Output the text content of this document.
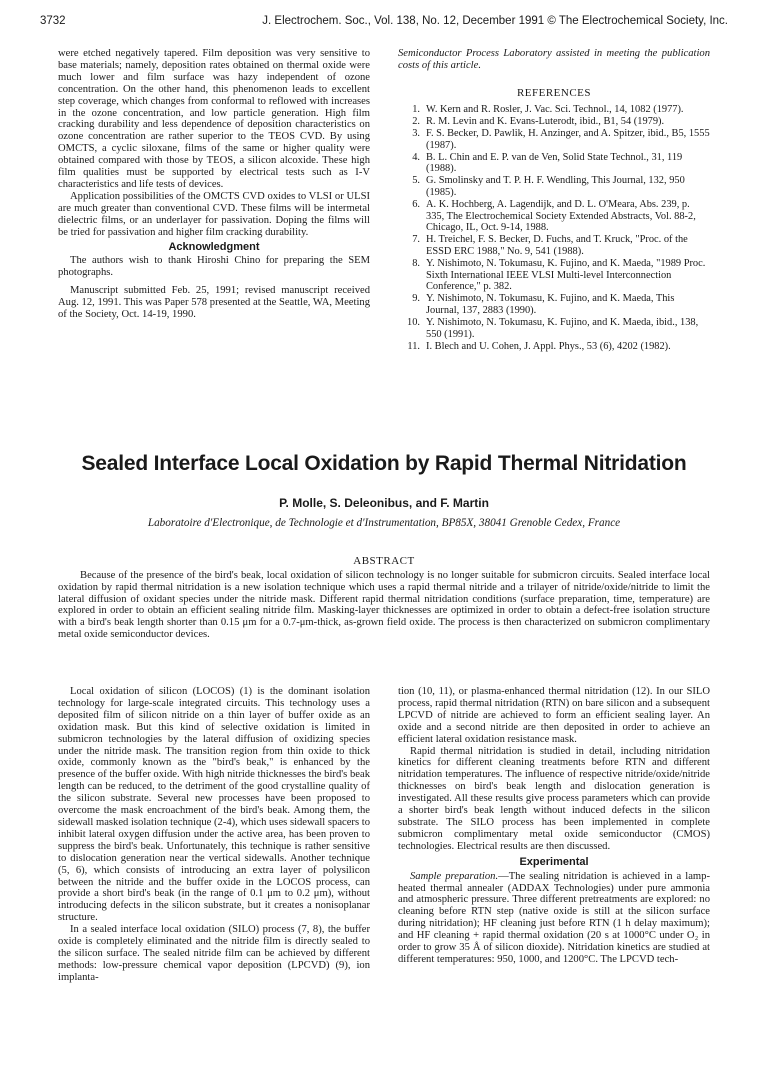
3732	J. Electrochem. Soc., Vol. 138, No. 12, December 1991 © The Electrochemical Society, Inc.

were etched negatively tapered. Film deposition was very sensitive to base materials; namely, deposition rates obtained on thermal oxide were much lower and film surface was hazy independent of ozone concentration. On the other hand, this phenomenon leads to excellent step coverage, which changes from conformal to reflowed with increases in the ozone concentration, and low particle generation. High film cracking durability and less dependence of deposition characteristics on ozone concentration are rather superior to the TEOS CVD. By using OMCTS, a cyclic siloxane, films of the same or higher quality were obtained compared with those by TEOS, a silicon alcoxide. These high film qualities must be supported by electrical tests such as I-V characteristics and life tests of devices.

Application possibilities of the OMCTS CVD oxides to VLSI or ULSI are much greater than conventional CVD. These films will be intermetal dielectric films, or an underlayer for passivation. Doping the films will be tried for passivation and higher film cracking durability.

Acknowledgment

The authors wish to thank Hiroshi Chino for preparing the SEM photographs.

Manuscript submitted Feb. 25, 1991; revised manuscript received Aug. 12, 1991. This was Paper 578 presented at the Seattle, WA, Meeting of the Society, Oct. 14-19, 1990.

Semiconductor Process Laboratory assisted in meeting the publication costs of this article.

REFERENCES
1. W. Kern and R. Rosler, J. Vac. Sci. Technol., 14, 1082 (1977).
2. R. M. Levin and K. Evans-Luterodt, ibid., B1, 54 (1979).
3. F. S. Becker, D. Pawlik, H. Anzinger, and A. Spitzer, ibid., B5, 1555 (1987).
4. B. L. Chin and E. P. van de Ven, Solid State Technol., 31, 119 (1988).
5. G. Smolinsky and T. P. H. F. Wendling, This Journal, 132, 950 (1985).
6. A. K. Hochberg, A. Lagendijk, and D. L. O'Meara, Abs. 239, p. 335, The Electrochemical Society Extended Abstracts, Vol. 88-2, Chicago, IL, Oct. 9-14, 1988.
7. H. Treichel, F. S. Becker, D. Fuchs, and T. Kruck, "Proc. of the ESSD ERC 1988," No. 9, 541 (1988).
8. Y. Nishimoto, N. Tokumasu, K. Fujino, and K. Maeda, "1989 Proc. Sixth International IEEE VLSI Multi-level Interconnection Conference," p. 382.
9. Y. Nishimoto, N. Tokumasu, K. Fujino, and K. Maeda, This Journal, 137, 2883 (1990).
10. Y. Nishimoto, N. Tokumasu, K. Fujino, and K. Maeda, ibid., 138, 550 (1991).
11. I. Blech and U. Cohen, J. Appl. Phys., 53 (6), 4202 (1982).
Sealed Interface Local Oxidation by Rapid Thermal Nitridation
P. Molle, S. Deleonibus, and F. Martin
Laboratoire d'Electronique, de Technologie et d'Instrumentation, BP85X, 38041 Grenoble Cedex, France
ABSTRACT
Because of the presence of the bird's beak, local oxidation of silicon technology is no longer suitable for submicron circuits. Sealed interface local oxidation by rapid thermal nitridation is a new isolation technique which uses a rapid thermal nitride and a trilayer of nitride/oxide/nitride to limit the lateral diffusion of oxidant species under the nitride mask. Different rapid thermal nitridation conditions (surface preparation, time, temperature) are explored in order to obtain an efficient sealing nitride film. Masking-layer thicknesses are optimized in order to obtain a defect-free isolation structure with a bird's beak length shorter than 0.15 μm for a 0.7-μm-thick, as-grown field oxide. The process is then characterized on submicron complimentary metal oxide semiconductor devices.

Local oxidation of silicon (LOCOS) (1) is the dominant isolation technology for large-scale integrated circuits. This technology uses a deposited film of silicon nitride on a thin layer of buffer oxide as an oxidation mask. But this kind of selective oxidation is limited in submicron technologies by the lateral diffusion of oxidizing species under the nitride mask. The transition region from thin oxide to thick oxide, commonly known as the "bird's beak," is enhanced by the presence of the buffer oxide. With high nitride thicknesses the bird's beak length can be reduced, to the detriment of the good crystalline quality of the silicon substrate. Several new processes have been proposed to overcome the mask encroachment of the bird's beak. Among them, the sidewall masked isolation technique (2-4), which uses sidewall spacers to inhibit lateral oxygen diffusion under the active area, has been proven to suppress the bird's beak. Unfortunately, this technique is rather sensitive to dislocation generation near the vertical sidewalls. Another technique (5, 6), which consists of introducing an extra layer of polysilicon between the nitride and the buffer oxide in the LOCOS process, can provide a short bird's beak (in the range of 0.1 μm to 0.2 μm), without introducing defects in the silicon substrate, but it creates a nonisoplanar structure.

In a sealed interface local oxidation (SILO) process (7, 8), the buffer oxide is completely eliminated and the nitride film is directly sealed to the silicon surface. The sealed nitride film can be achieved by different methods: low-pressure chemical vapor deposition (LPCVD) (9), ion implanta-

tion (10, 11), or plasma-enhanced thermal nitridation (12). In our SILO process, rapid thermal nitridation (RTN) on bare silicon and a subsequent LPCVD of nitride are achieved to form an efficient sealing layer. An oxide and a second nitride are then deposited in order to achieve an efficient lateral oxidation resistance mask.

Rapid thermal nitridation is studied in detail, including nitridation kinetics for different cleaning treatments before RTN and different nitridation temperatures. The influence of respective nitride/oxide/nitride thicknesses on bird's beak length and dislocation generation is investigated. All these results give process parameters which can provide a shorter bird's beak length without induced defects in the silicon substrate. The SILO process has been implemented in complete submicron complimentary metal oxide semiconductor (CMOS) technologies. Electrical results are then discussed.

Experimental

Sample preparation.—The sealing nitridation is achieved in a lamp-heated thermal annealer (ADDAX Technologies) under pure ammonia and atmospheric pressure. Three different pretreatments are explored: no cleaning before RTN step (native oxide is still at the silicon surface during nitridation); HF cleaning just before RTN (1 h delay maximum); and HF cleaning + rapid thermal oxidation (20 s at 1000°C under O₂ in order to grow 35 Å of silicon dioxide). Nitridation kinetics are studied at different temperatures: 950, 1000, and 1200°C. The LPCVD tech-
